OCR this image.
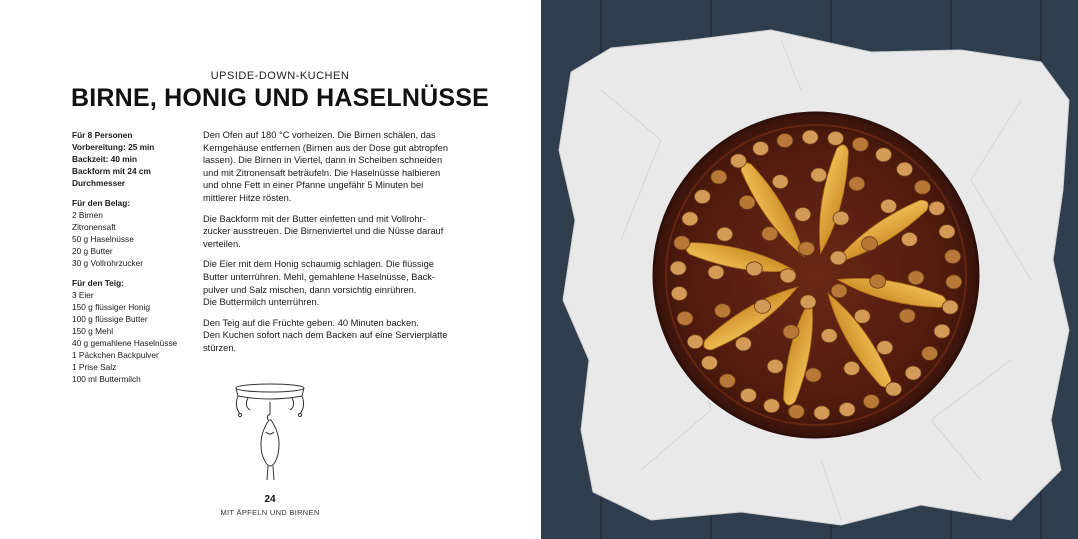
UPSIDE-DOWN-KUCHEN
BIRNE, HONIG UND HASELNÜSSE
Für 8 Personen
Vorbereitung: 25 min
Backzeit: 40 min
Backform mit 24 cm
Durchmesser
Für den Belag:
2 Birnen
Zitronensaft
50 g Haselnüsse
20 g Butter
30 g Vollrohrzucker
Für den Teig:
3 Eier
150 g flüssiger Honig
100 g flüssige Butter
150 g Mehl
40 g gemahlene Haselnüsse
1 Päckchen Backpulver
1 Prise Salz
100 ml Buttermilch

Den Ofen auf 180 °C vorheizen. Die Birnen schälen, das
Kerngehäuse entfernen (Birnen aus der Dose gut abtropfen
lassen). Die Birnen in Viertel, dann in Scheiben schneiden
und mit Zitronensaft beträufeln. Die Haselnüsse halbieren
und ohne Fett in einer Pfanne ungefähr 5 Minuten bei
mittlerer Hitze rösten.

Die Backform mit der Butter einfetten und mit Vollrohr-
zucker ausstreuen. Die Birnenviertel und die Nüsse darauf
verteilen.

Die Eier mit dem Honig schaumig schlagen. Die flüssige
Butter unterrühren. Mehl, gemahlene Haselnüsse, Back-
pulver und Salz mischen, dann vorsichtig einrühren.
Die Buttermilch unterrühren.

Den Teig auf die Früchte geben. 40 Minuten backen.
Den Kuchen sofort nach dem Backen auf eine Servierplatte
stürzen.

24
MIT ÄPFELN UND BIRNEN
